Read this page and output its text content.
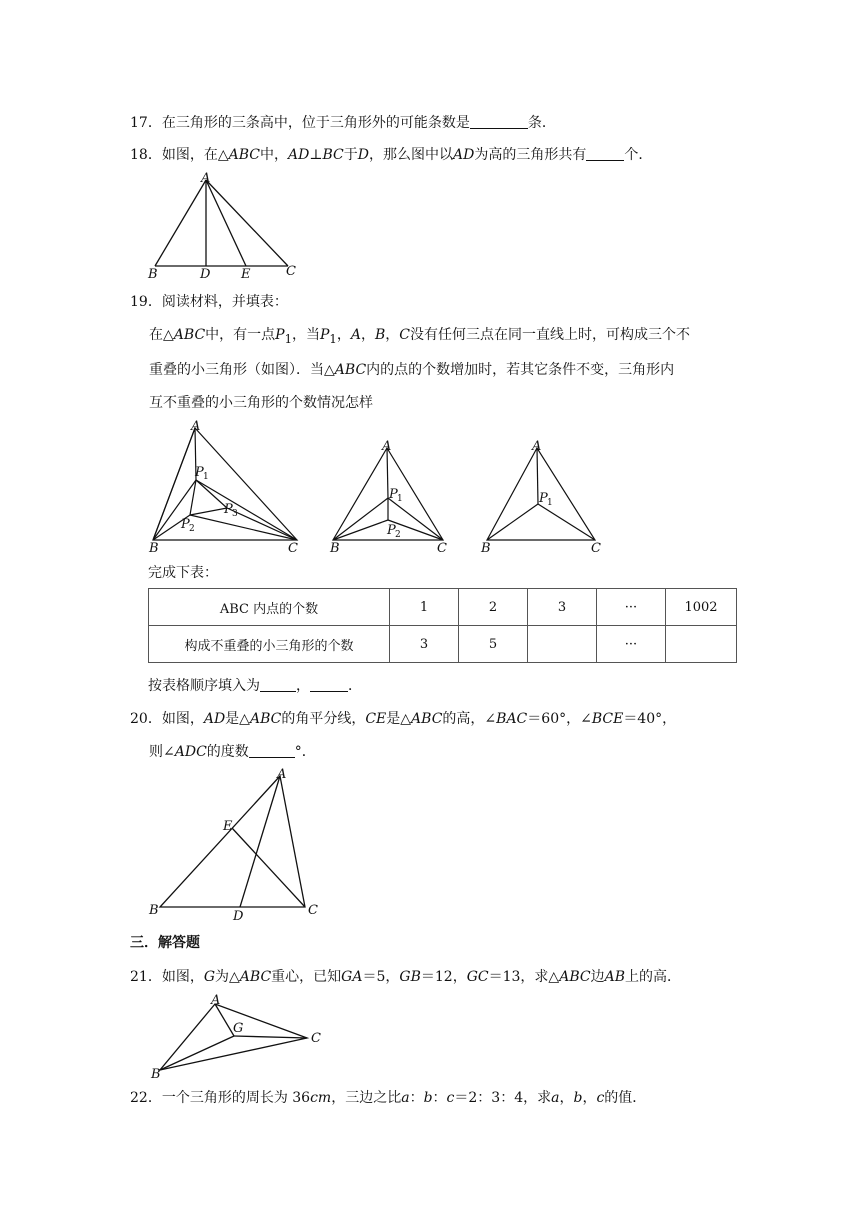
17．在三角形的三条高中，位于三角形外的可能条数是	条．
18．如图，在△ABC中，AD⊥BC于D，那么图中以AD为高的三角形共有	个．
A
B	D E	C
19．阅读材料，并填表：
在△ABC中，有一点$P_1$，当$P_1$，A，B，C没有任何三点在同一直线上时，可构成三个不
重叠的小三角形（如图）．当△ABC内的点的个数增加时，若其它条件不变，三角形内
互不重叠的小三角形的个数情况怎样
A
P 1
P 3
P 2
B	C
A
P 1
P 2
B	C
A
P 1
B	C
完成下表：
ABC 内点的个数	1	2	3	···	1002
构成不重叠的小三角形的个数	3	5		···	
按表格顺序填入为	，	．
20．如图，AD是△ABC的角平分线，CE是△ABC的高，∠BAC＝60°，∠BCE＝40°，
则∠ADC的度数	°．
A
E
B	D	C
三．解答题
21．如图，G为△ABC重心，已知GA＝5，GB＝12，GC＝13，求△ABC边AB上的高．
A
G
C
B
22．一个三角形的周长为 36cm，三边之比a：b：c＝2：3：4，求a，b，c的值．
